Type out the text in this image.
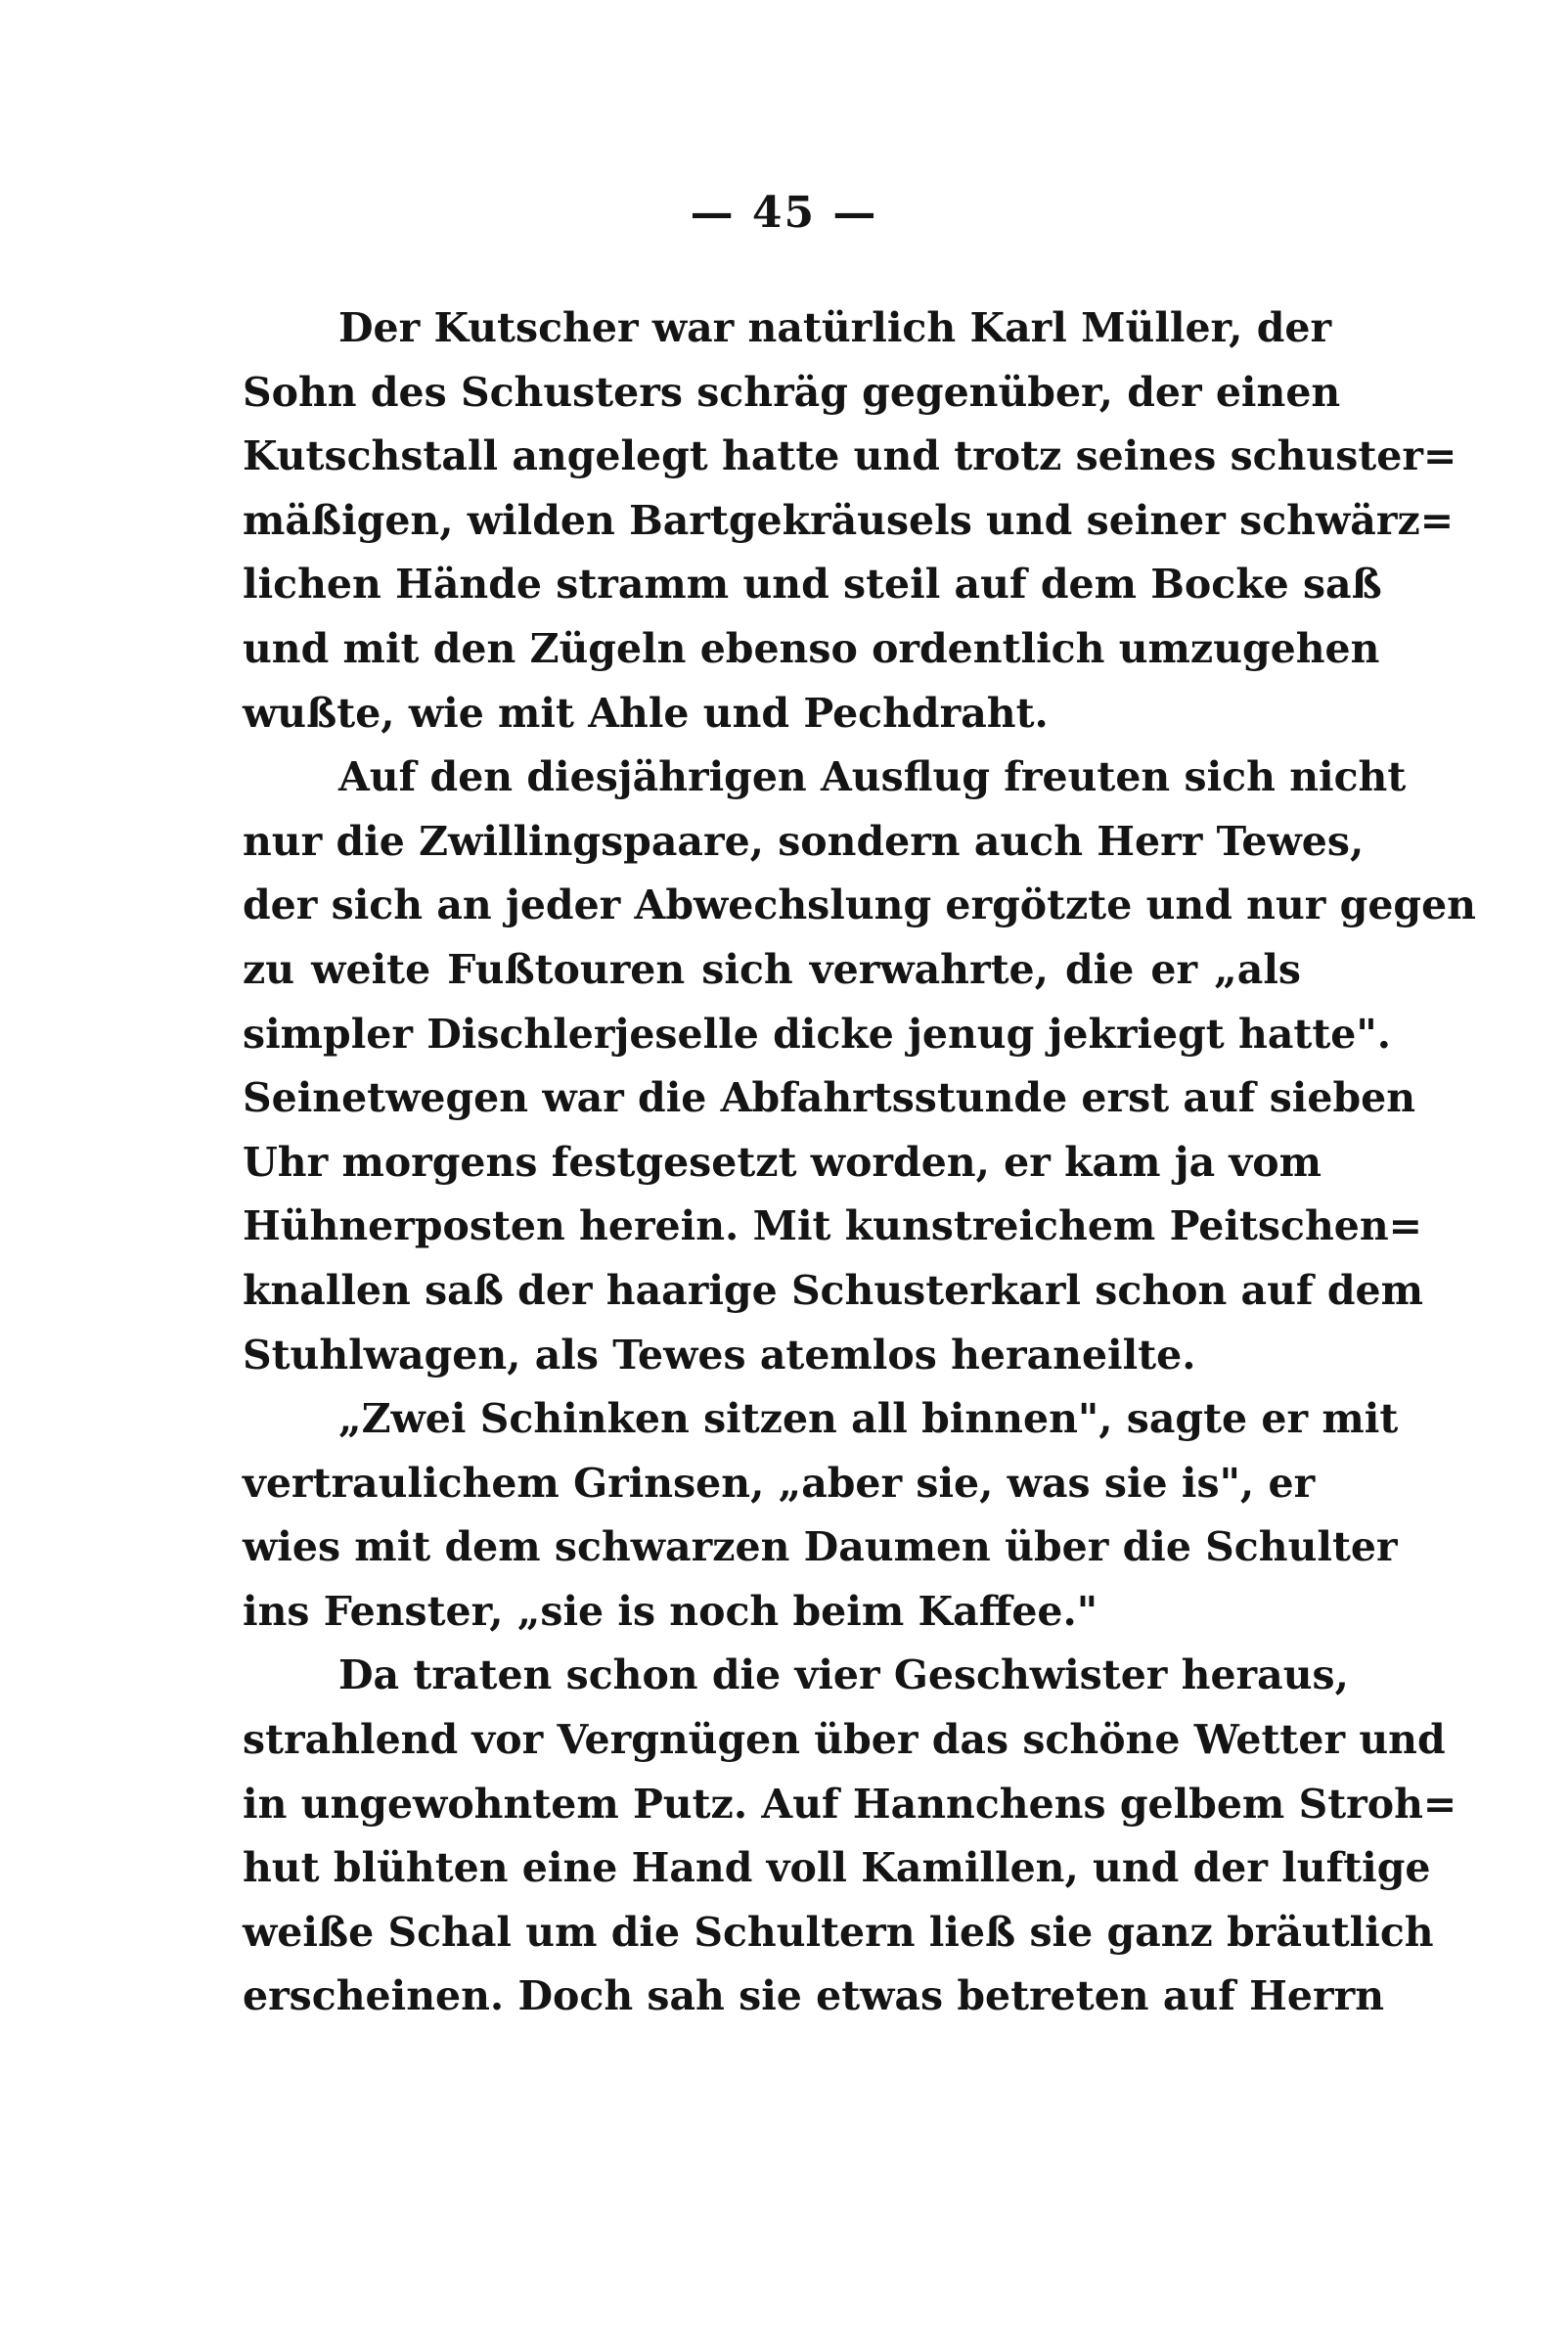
— 45 —
Der Kutscher war natürlich Karl Müller, der
Sohn des Schusters schräg gegenüber, der einen
Kutschstall angelegt hatte und trotz seines schuster=
mäßigen, wilden Bartgekräusels und seiner schwärz=
lichen Hände stramm und steil auf dem Bocke saß
und mit den Zügeln ebenso ordentlich umzugehen
wußte, wie mit Ahle und Pechdraht.
Auf den diesjährigen Ausflug freuten sich nicht
nur die Zwillingspaare, sondern auch Herr Tewes,
der sich an jeder Abwechslung ergötzte und nur gegen
zu weite Fußtouren sich verwahrte, die er „als
simpler Dischlerjeselle dicke jenug jekriegt hatte".
Seinetwegen war die Abfahrtsstunde erst auf sieben
Uhr morgens festgesetzt worden, er kam ja vom
Hühnerposten herein. Mit kunstreichem Peitschen=
knallen saß der haarige Schusterkarl schon auf dem
Stuhlwagen, als Tewes atemlos heraneilte.
„Zwei Schinken sitzen all binnen", sagte er mit
vertraulichem Grinsen, „aber sie, was sie is", er
wies mit dem schwarzen Daumen über die Schulter
ins Fenster, „sie is noch beim Kaffee."
Da traten schon die vier Geschwister heraus,
strahlend vor Vergnügen über das schöne Wetter und
in ungewohntem Putz. Auf Hannchens gelbem Stroh=
hut blühten eine Hand voll Kamillen, und der luftige
weiße Schal um die Schultern ließ sie ganz bräutlich
erscheinen. Doch sah sie etwas betreten auf Herrn
